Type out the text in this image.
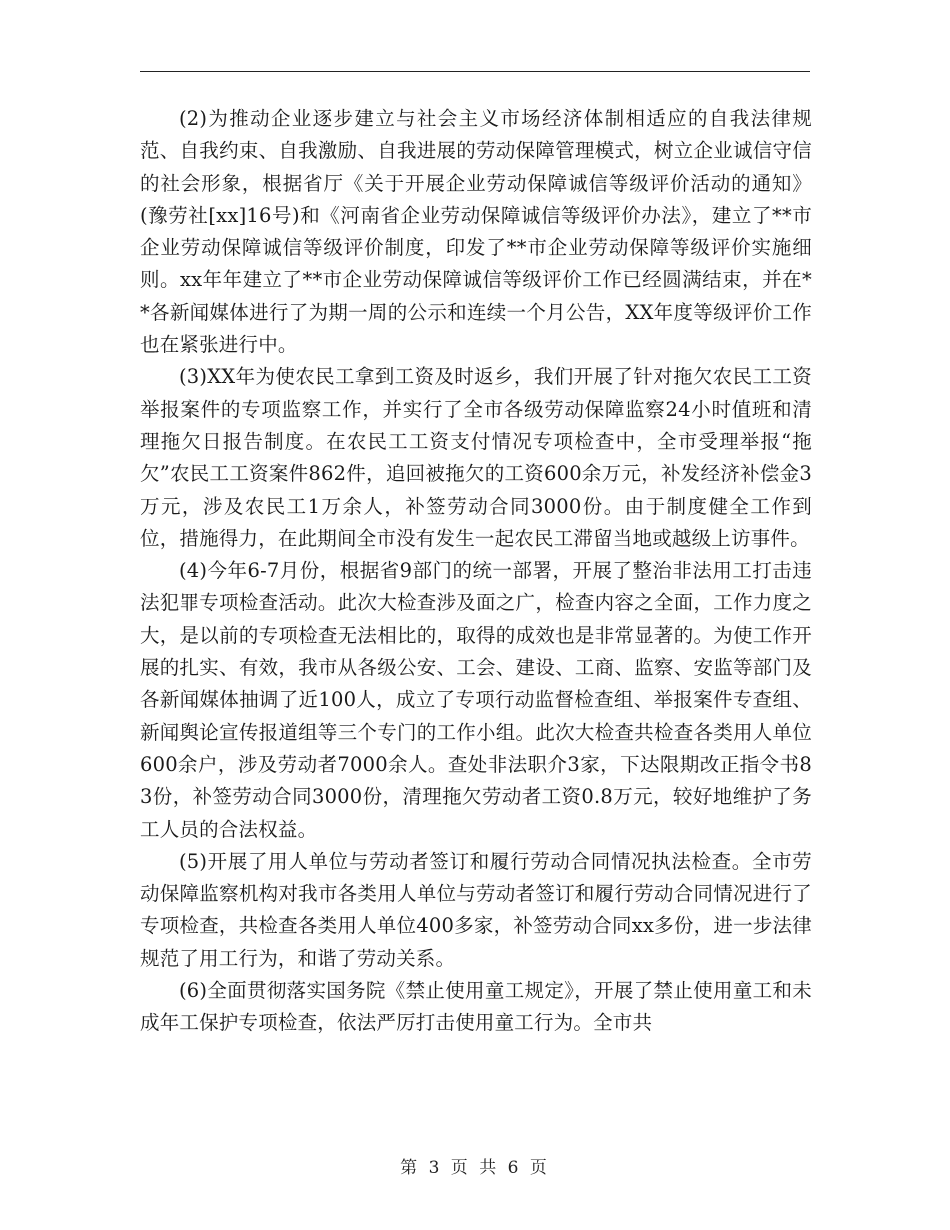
(2)为推动企业逐步建立与社会主义市场经济体制相适应的自我法律规范、自我约束、自我激励、自我进展的劳动保障管理模式，树立企业诚信守信的社会形象，根据省厅《关于开展企业劳动保障诚信等级评价活动的通知》(豫劳社[xx]16号)和《河南省企业劳动保障诚信等级评价办法》，建立了**市企业劳动保障诚信等级评价制度，印发了**市企业劳动保障等级评价实施细则。xx年年建立了**市企业劳动保障诚信等级评价工作已经圆满结束，并在**各新闻媒体进行了为期一周的公示和连续一个月公告，XX年度等级评价工作也在紧张进行中。

(3)XX年为使农民工拿到工资及时返乡，我们开展了针对拖欠农民工工资举报案件的专项监察工作，并实行了全市各级劳动保障监察24小时值班和清理拖欠日报告制度。在农民工工资支付情况专项检查中，全市受理举报“拖欠”农民工工资案件862件，追回被拖欠的工资600余万元，补发经济补偿金3万元，涉及农民工1万余人，补签劳动合同3000份。由于制度健全工作到位，措施得力，在此期间全市没有发生一起农民工滞留当地或越级上访事件。

(4)今年6-7月份，根据省9部门的统一部署，开展了整治非法用工打击违法犯罪专项检查活动。此次大检查涉及面之广，检查内容之全面，工作力度之大，是以前的专项检查无法相比的，取得的成效也是非常显著的。为使工作开展的扎实、有效，我市从各级公安、工会、建设、工商、监察、安监等部门及各新闻媒体抽调了近100人，成立了专项行动监督检查组、举报案件专查组、新闻舆论宣传报道组等三个专门的工作小组。此次大检查共检查各类用人单位600余户，涉及劳动者7000余人。查处非法职介3家，下达限期改正指令书83份，补签劳动合同3000份，清理拖欠劳动者工资0.8万元，较好地维护了务工人员的合法权益。

(5)开展了用人单位与劳动者签订和履行劳动合同情况执法检查。全市劳动保障监察机构对我市各类用人单位与劳动者签订和履行劳动合同情况进行了专项检查，共检查各类用人单位400多家，补签劳动合同xx多份，进一步法律规范了用工行为，和谐了劳动关系。

(6)全面贯彻落实国务院《禁止使用童工规定》，开展了禁止使用童工和未成年工保护专项检查，依法严厉打击使用童工行为。全市共

第 3 页 共 6 页
